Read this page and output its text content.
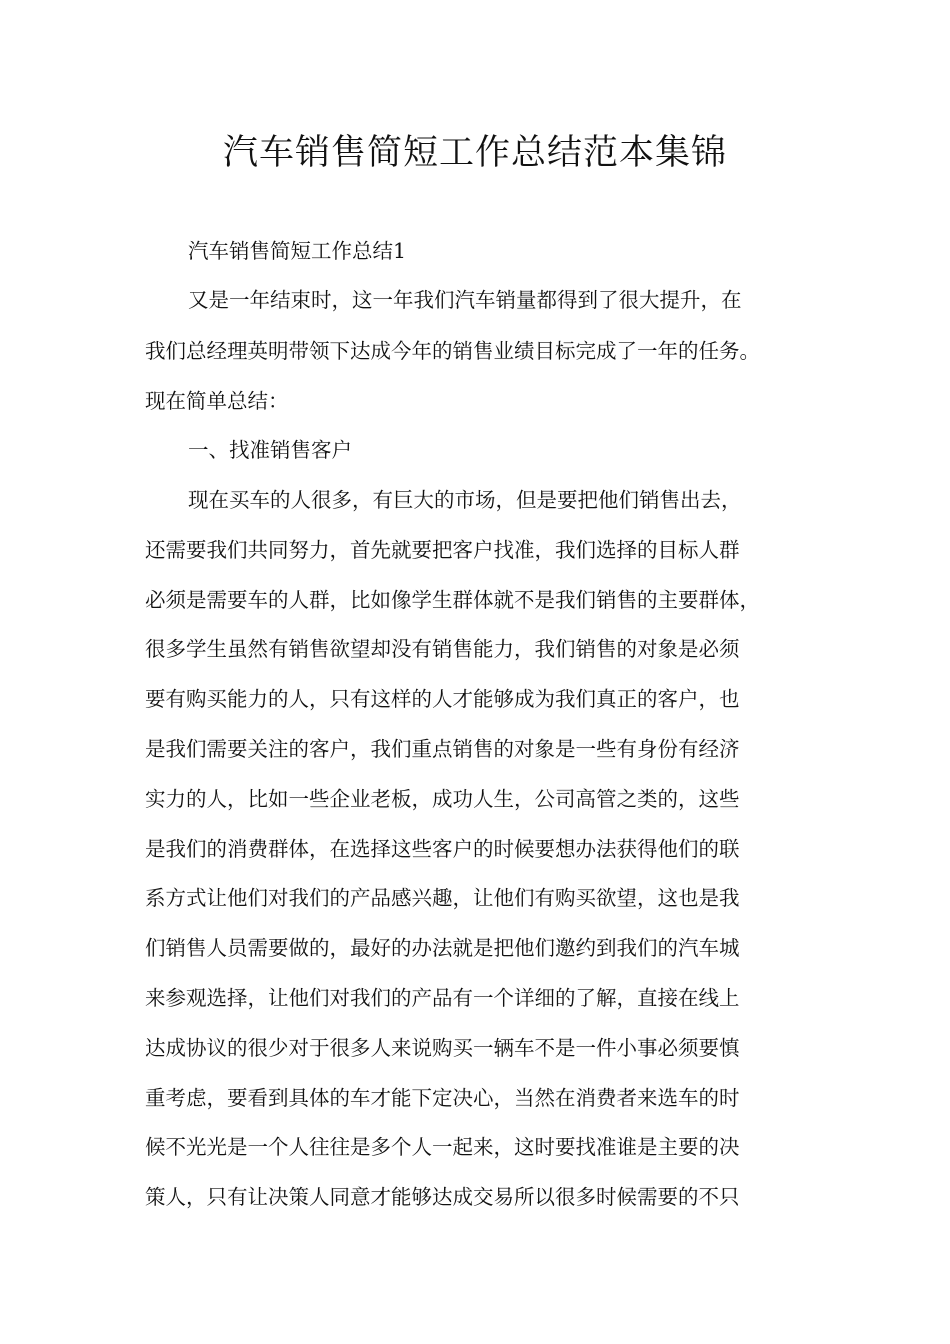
汽车销售简短工作总结范本集锦
汽车销售简短工作总结1
又是一年结束时，这一年我们汽车销量都得到了很大提升，在
我们总经理英明带领下达成今年的销售业绩目标完成了一年的任务。
现在简单总结：
一、找准销售客户
现在买车的人很多，有巨大的市场，但是要把他们销售出去，
还需要我们共同努力，首先就要把客户找准，我们选择的目标人群
必须是需要车的人群，比如像学生群体就不是我们销售的主要群体，
很多学生虽然有销售欲望却没有销售能力，我们销售的对象是必须
要有购买能力的人，只有这样的人才能够成为我们真正的客户，也
是我们需要关注的客户，我们重点销售的对象是一些有身份有经济
实力的人，比如一些企业老板，成功人生，公司高管之类的，这些
是我们的消费群体，在选择这些客户的时候要想办法获得他们的联
系方式让他们对我们的产品感兴趣，让他们有购买欲望，这也是我
们销售人员需要做的，最好的办法就是把他们邀约到我们的汽车城
来参观选择，让他们对我们的产品有一个详细的了解，直接在线上
达成协议的很少对于很多人来说购买一辆车不是一件小事必须要慎
重考虑，要看到具体的车才能下定决心，当然在消费者来选车的时
候不光光是一个人往往是多个人一起来，这时要找准谁是主要的决
策人，只有让决策人同意才能够达成交易所以很多时候需要的不只
